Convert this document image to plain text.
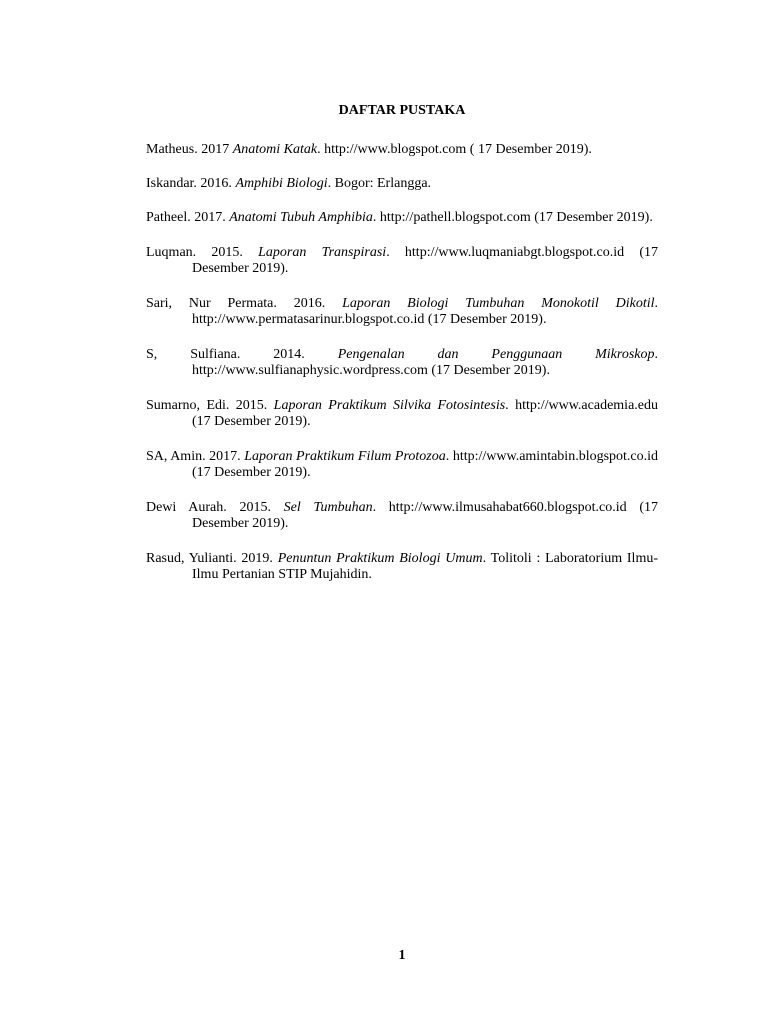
DAFTAR PUSTAKA
Matheus. 2017 Anatomi Katak. http://www.blogspot.com ( 17 Desember 2019).
Iskandar. 2016. Amphibi Biologi. Bogor: Erlangga.
Patheel. 2017. Anatomi Tubuh Amphibia. http://pathell.blogspot.com (17 Desember 2019).
Luqman. 2015. Laporan Transpirasi. http://www.luqmaniabgt.blogspot.co.id (17 Desember 2019).
Sari, Nur Permata. 2016. Laporan Biologi Tumbuhan Monokotil Dikotil. http://www.permatasarinur.blogspot.co.id (17 Desember 2019).
S, Sulfiana. 2014. Pengenalan dan Penggunaan Mikroskop. http://www.sulfianaphysic.wordpress.com (17 Desember 2019).
Sumarno, Edi. 2015. Laporan Praktikum Silvika Fotosintesis. http://www.academia.edu (17 Desember 2019).
SA, Amin. 2017. Laporan Praktikum Filum Protozoa. http://www.amintabin.blogspot.co.id (17 Desember 2019).
Dewi Aurah. 2015. Sel Tumbuhan. http://www.ilmusahabat660.blogspot.co.id (17 Desember 2019).
Rasud, Yulianti. 2019. Penuntun Praktikum Biologi Umum. Tolitoli : Laboratorium Ilmu-Ilmu Pertanian STIP Mujahidin.
1
